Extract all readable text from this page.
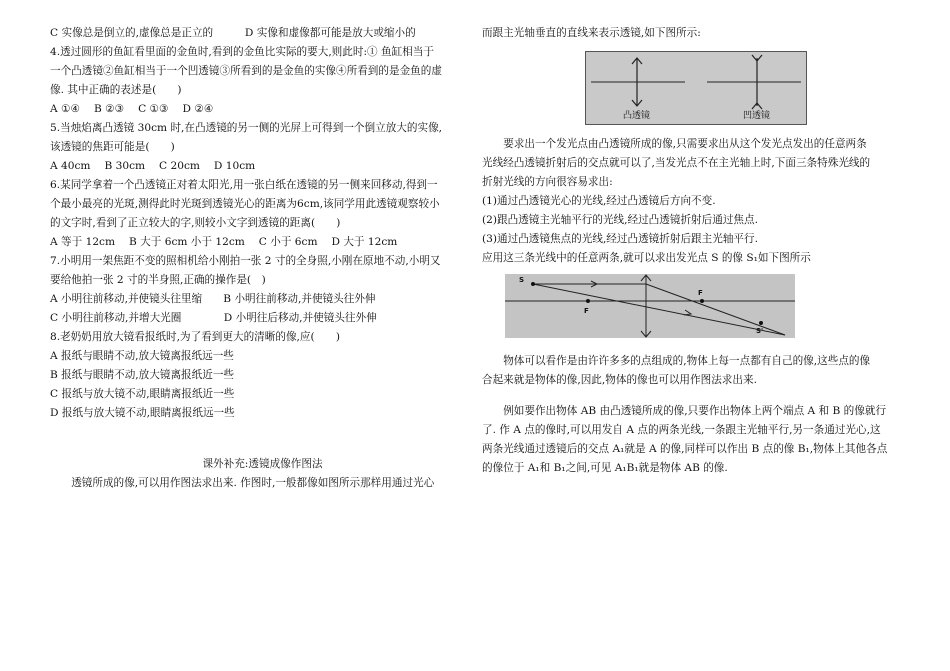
C 实像总是倒立的,虚像总是正立的　　　D 实像和虚像都可能是放大或缩小的
4.透过圆形的鱼缸看里面的金鱼时,看到的金鱼比实际的要大,则此时:① 鱼缸相当于
一个凸透镜②鱼缸相当于一个凹透镜③所看到的是金鱼的实像④所看到的是金鱼的虚
像. 其中正确的表述是(　　)
A ①④　 B ②③　 C ①③　 D ②④
5.当烛焰离凸透镜 30cm 时,在凸透镜的另一侧的光屏上可得到一个倒立放大的实像,
该透镜的焦距可能是(　　)
A 40cm　 B 30cm　 C 20cm　 D 10cm
6.某同学拿着一个凸透镜正对着太阳光,用一张白纸在透镜的另一侧来回移动,得到一
个最小最亮的光斑,测得此时光斑到透镜光心的距离为6cm,该同学用此透镜观察较小
的文字时,看到了正立较大的字,则较小文字到透镜的距离(　　)
A 等于 12cm　 B 大于 6cm 小于 12cm　 C 小于 6cm　 D 大于 12cm
7.小明用一架焦距不变的照相机给小刚拍一张 2 寸的全身照,小刚在原地不动,小明又
要给他拍一张 2 寸的半身照,正确的操作是(　)
A 小明往前移动,并使镜头往里缩　　B 小明往前移动,并使镜头往外伸
C 小明往前移动,并增大光圈　　　　D 小明往后移动,并使镜头往外伸
8.老奶奶用放大镜看报纸时,为了看到更大的清晰的像,应(　　)
A 报纸与眼睛不动,放大镜离报纸远一些
B 报纸与眼睛不动,放大镜离报纸近一些
C 报纸与放大镜不动,眼睛离报纸近一些
D 报纸与放大镜不动,眼睛离报纸远一些
课外补充:透镜成像作图法
透镜所成的像,可以用作图法求出来. 作图时,一般都像如图所示那样用通过光心
而跟主光轴垂直的直线来表示透镜,如下图所示:
凸透镜	凹透镜
要求出一个发光点由凸透镜所成的像,只需要求出从这个发光点发出的任意两条
光线经凸透镜折射后的交点就可以了,当发光点不在主光轴上时,下面三条特殊光线的
折射光线的方向很容易求出:
(1)通过凸透镜光心的光线,经过凸透镜后方向不变.
(2)跟凸透镜主光轴平行的光线,经过凸透镜折射后通过焦点.
(3)通过凸透镜焦点的光线,经过凸透镜折射后跟主光轴平行.
应用这三条光线中的任意两条,就可以求出发光点 S 的像 S₁如下图所示
S
F
F
S'
物体可以看作是由许许多多的点组成的,物体上每一点都有自己的像,这些点的像
合起来就是物体的像,因此,物体的像也可以用作图法求出来.
例如要作出物体 AB 由凸透镜所成的像,只要作出物体上两个端点 A 和 B 的像就行
了. 作 A 点的像时,可以用发自 A 点的两条光线,一条跟主光轴平行,另一条通过光心,这
两条光线通过透镜后的交点 A₁就是 A 的像,同样可以作出 B 点的像 B₁,物体上其他各点
的像位于 A₁和 B₁之间,可见 A₁B₁就是物体 AB 的像.
